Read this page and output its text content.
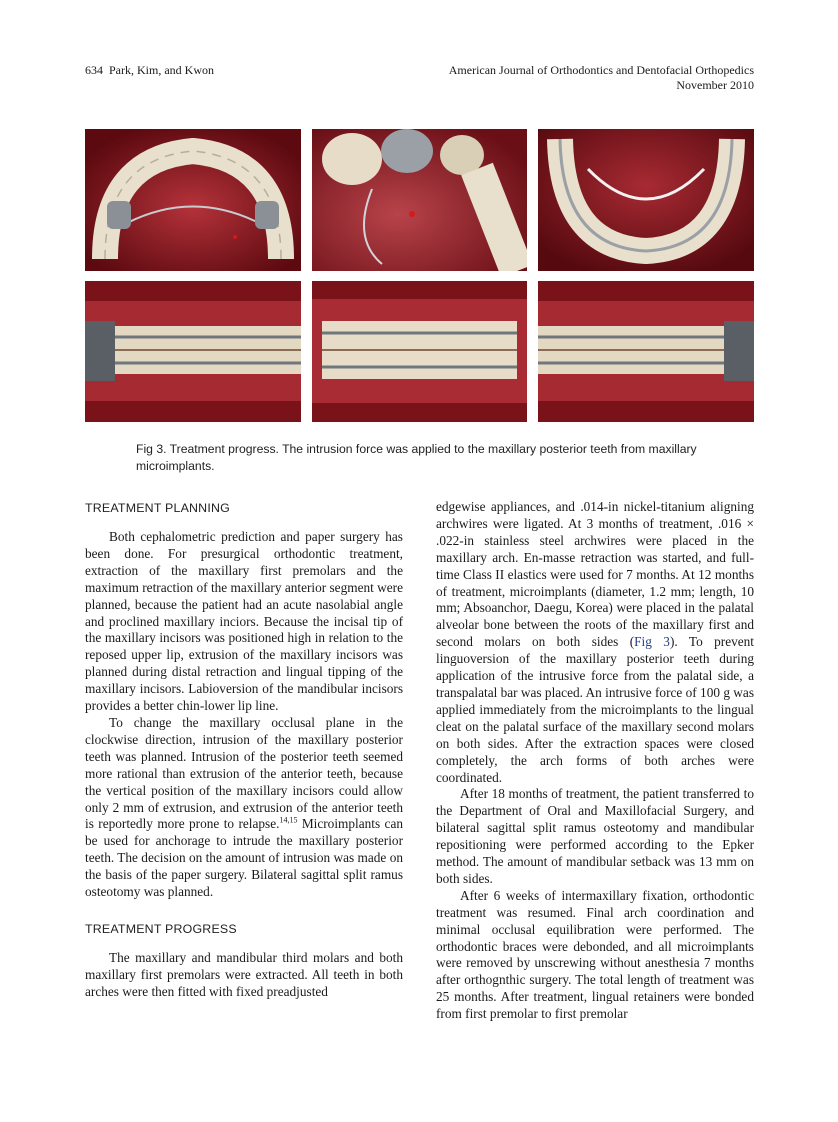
634  Park, Kim, and Kwon	American Journal of Orthodontics and Dentofacial Orthopedics
November 2010
Fig 3. Treatment progress. The intrusion force was applied to the maxillary posterior teeth from maxillary microimplants.
TREATMENT PLANNING

Both cephalometric prediction and paper surgery has been done. For presurgical orthodontic treatment, extraction of the maxillary first premolars and the maximum retraction of the maxillary anterior segment were planned, because the patient had an acute nasolabial angle and proclined maxillary inciors. Because the incisal tip of the maxillary incisors was positioned high in relation to the reposed upper lip, extrusion of the maxillary incisors was planned during distal retraction and lingual tipping of the maxillary incisors. Labioversion of the mandibular incisors provides a better chin-lower lip line.

To change the maxillary occlusal plane in the clockwise direction, intrusion of the maxillary posterior teeth was planned. Intrusion of the posterior teeth seemed more rational than extrusion of the anterior teeth, because the vertical position of the maxillary incisors could allow only 2 mm of extrusion, and extrusion of the anterior teeth is reportedly more prone to relapse.$^{14,15}$ Microimplants can be used for anchorage to intrude the maxillary posterior teeth. The decision on the amount of intrusion was made on the basis of the paper surgery. Bilateral sagittal split ramus osteotomy was planned.

TREATMENT PROGRESS

The maxillary and mandibular third molars and both maxillary first premolars were extracted. All teeth in both arches were then fitted with fixed preadjusted

edgewise appliances, and .014-in nickel-titanium aligning archwires were ligated. At 3 months of treatment, .016 × .022-in stainless steel archwires were placed in the maxillary arch. En-masse retraction was started, and full-time Class II elastics were used for 7 months. At 12 months of treatment, microimplants (diameter, 1.2 mm; length, 10 mm; Absoanchor, Daegu, Korea) were placed in the palatal alveolar bone between the roots of the maxillary first and second molars on both sides (Fig 3). To prevent linguoversion of the maxillary posterior teeth during application of the intrusive force from the palatal side, a transpalatal bar was placed. An intrusive force of 100 g was applied immediately from the microimplants to the lingual cleat on the palatal surface of the maxillary second molars on both sides. After the extraction spaces were closed completely, the arch forms of both arches were coordinated.

After 18 months of treatment, the patient transferred to the Department of Oral and Maxillofacial Surgery, and bilateral sagittal split ramus osteotomy and mandibular repositioning were performed according to the Epker method. The amount of mandibular setback was 13 mm on both sides.

After 6 weeks of intermaxillary fixation, orthodontic treatment was resumed. Final arch coordination and minimal occlusal equilibration were performed. The orthodontic braces were debonded, and all microimplants were removed by unscrewing without anesthesia 7 months after orthognthic surgery. The total length of treatment was 25 months. After treatment, lingual retainers were bonded from first premolar to first premolar
